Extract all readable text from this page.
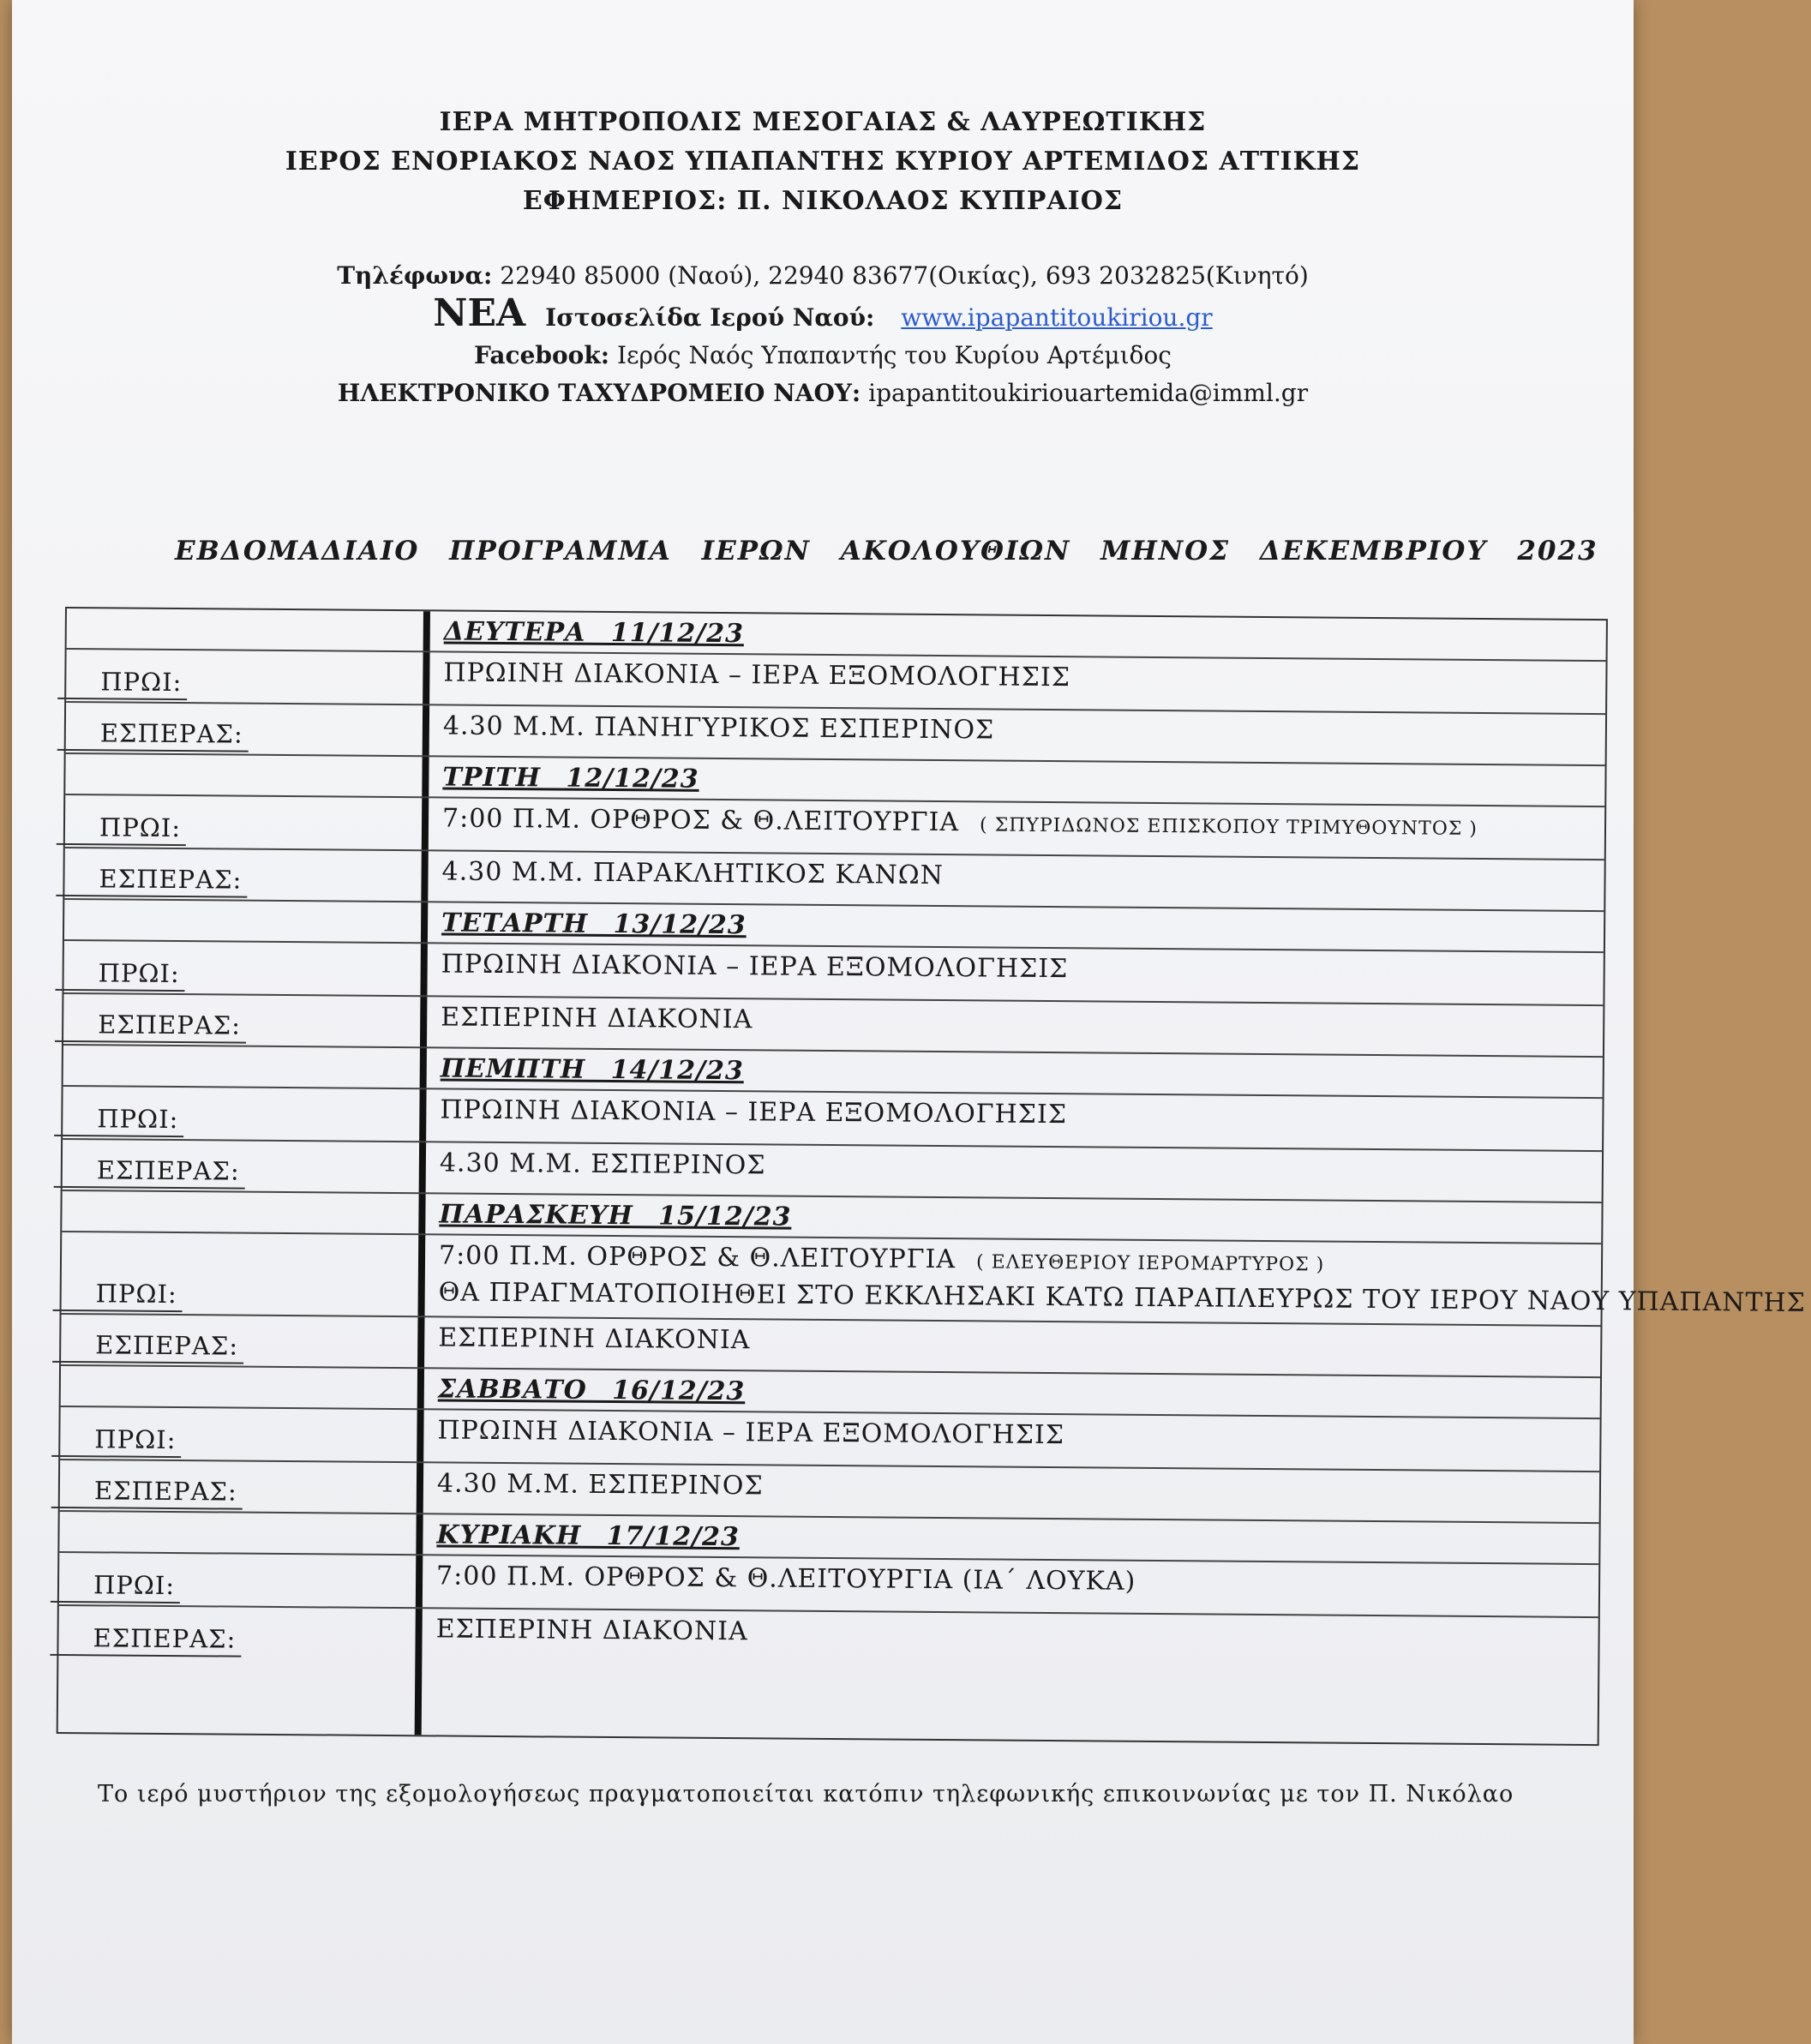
ΙΕΡΑ ΜΗΤΡΟΠΟΛΙΣ ΜΕΣΟΓΑΙΑΣ & ΛΑΥΡΕΩΤΙΚΗΣ
ΙΕΡΟΣ ΕΝΟΡΙΑΚΟΣ ΝΑΟΣ ΥΠΑΠΑΝΤΗΣ ΚΥΡΙΟΥ ΑΡΤΕΜΙΔΟΣ ΑΤΤΙΚΗΣ
ΕΦΗΜΕΡΙΟΣ: Π. ΝΙΚΟΛΑΟΣ ΚΥΠΡΑΙΟΣ
Τηλέφωνα: 22940 85000 (Ναού), 22940 83677(Οικίας), 693 2032825(Κινητό)
ΝΕΑ Ιστοσελίδα Ιερού Ναού: www.ipapantitoukiriou.gr
Facebook: Ιερός Ναός Υπαπαντής του Κυρίου Αρτέμιδος
ΗΛΕΚΤΡΟΝΙΚΟ ΤΑΧΥΔΡΟΜΕΙΟ ΝΑΟΥ: ipapantitoukiriouartemida@imml.gr
ΕΒΔΟΜΑΔΙΑΙΟ ΠΡΟΓΡΑΜΜΑ ΙΕΡΩΝ ΑΚΟΛΟΥΘΙΩΝ ΜΗΝΟΣ ΔΕΚΕΜΒΡΙΟΥ 2023
ΔΕΥΤΕΡΑ 11/12/23
ΠΡΩΙ:	ΠΡΩΙΝΗ ΔΙΑΚΟΝΙΑ – ΙΕΡΑ ΕΞΟΜΟΛΟΓΗΣΙΣ
ΕΣΠΕΡΑΣ:	4.30 Μ.Μ. ΠΑΝΗΓΥΡΙΚΟΣ ΕΣΠΕΡΙΝΟΣ
ΤΡΙΤΗ 12/12/23
ΠΡΩΙ:	7:00 Π.Μ. ΟΡΘΡΟΣ & Θ.ΛΕΙΤΟΥΡΓΙΑ ( ΣΠΥΡΙΔΩΝΟΣ ΕΠΙΣΚΟΠΟΥ ΤΡΙΜΥΘΟΥΝΤΟΣ )
ΕΣΠΕΡΑΣ:	4.30 Μ.Μ. ΠΑΡΑΚΛΗΤΙΚΟΣ ΚΑΝΩΝ
ΤΕΤΑΡΤΗ 13/12/23
ΠΡΩΙ:	ΠΡΩΙΝΗ ΔΙΑΚΟΝΙΑ – ΙΕΡΑ ΕΞΟΜΟΛΟΓΗΣΙΣ
ΕΣΠΕΡΑΣ:	ΕΣΠΕΡΙΝΗ ΔΙΑΚΟΝΙΑ
ΠΕΜΠΤΗ 14/12/23
ΠΡΩΙ:	ΠΡΩΙΝΗ ΔΙΑΚΟΝΙΑ – ΙΕΡΑ ΕΞΟΜΟΛΟΓΗΣΙΣ
ΕΣΠΕΡΑΣ:	4.30 Μ.Μ. ΕΣΠΕΡΙΝΟΣ
ΠΑΡΑΣΚΕΥΗ 15/12/23
ΠΡΩΙ:
7:00 Π.Μ. ΟΡΘΡΟΣ & Θ.ΛΕΙΤΟΥΡΓΙΑ ( ΕΛΕΥΘΕΡΙΟΥ ΙΕΡΟΜΑΡΤΥΡΟΣ )
ΘΑ ΠΡΑΓΜΑΤΟΠΟΙΗΘΕΙ ΣΤΟ ΕΚΚΛΗΣΑΚΙ ΚΑΤΩ ΠΑΡΑΠΛΕΥΡΩΣ ΤΟΥ ΙΕΡΟΥ ΝΑΟΥ ΥΠΑΠΑΝΤΗΣ
ΕΣΠΕΡΑΣ:	ΕΣΠΕΡΙΝΗ ΔΙΑΚΟΝΙΑ
ΣΑΒΒΑΤΟ 16/12/23
ΠΡΩΙ:	ΠΡΩΙΝΗ ΔΙΑΚΟΝΙΑ – ΙΕΡΑ ΕΞΟΜΟΛΟΓΗΣΙΣ
ΕΣΠΕΡΑΣ:	4.30 Μ.Μ. ΕΣΠΕΡΙΝΟΣ
ΚΥΡΙΑΚΗ 17/12/23
ΠΡΩΙ:	7:00 Π.Μ. ΟΡΘΡΟΣ & Θ.ΛΕΙΤΟΥΡΓΙΑ (ΙΑ΄ ΛΟΥΚΑ)
ΕΣΠΕΡΑΣ:	ΕΣΠΕΡΙΝΗ ΔΙΑΚΟΝΙΑ
Το ιερό μυστήριον της εξομολογήσεως πραγματοποιείται κατόπιν τηλεφωνικής επικοινωνίας με τον Π. Νικόλαο
